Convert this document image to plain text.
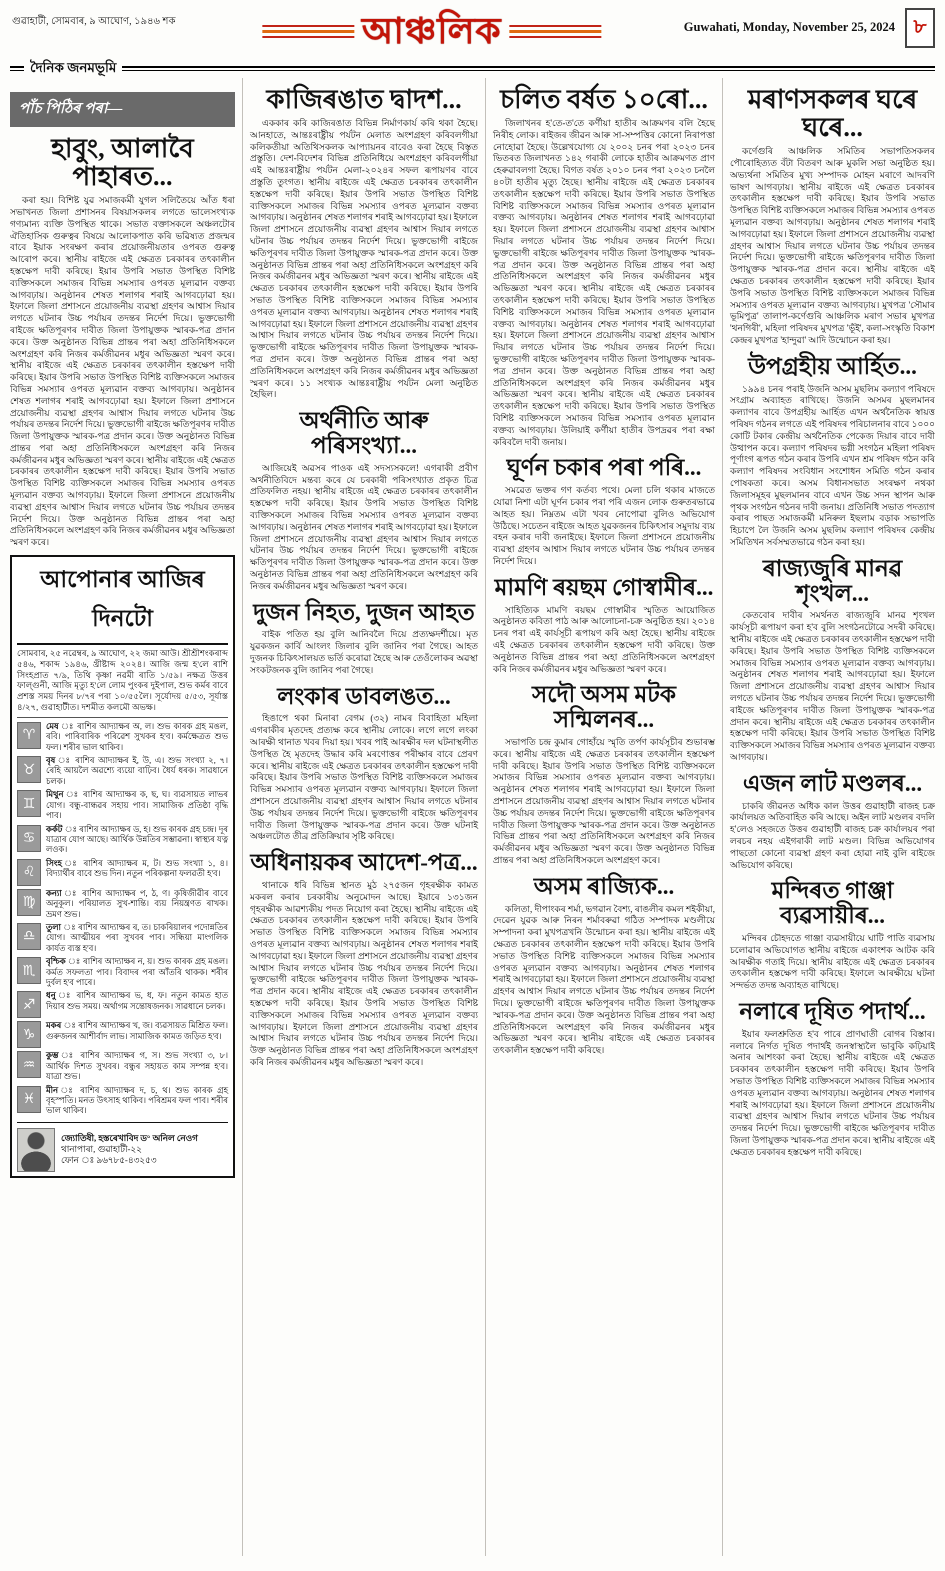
গুৱাহাটী, সোমবাৰ, ৯ আঘোণ, ১৯৪৬ শক	আঞ্চলিক	Guwahati, Monday, November 25, 2024 ৮
দৈনিক জনমভূমি
পাঁচ পিঠিৰ পৰা—
হাবুং, আলাবৈ পাহাৰত...

কৰা হয়। বিশিষ্ট যুৱ সমাজকৰ্মী যুগল সলিতৈয়ে আঁত ধৰা সভাখনত জিলা প্ৰশাসনৰ বিষয়াসকলৰ লগতে ভালেসংখ্যক গণ্যমান্য ব্যক্তি উপস্থিত থাকে। সভাত বক্তাসকলে অঞ্চলটোৰ ঐতিহাসিক গুৰুত্বৰ বিষয়ে আলোকপাত কৰি ভৱিষ্যত প্ৰজন্মৰ বাবে ইয়াক সংৰক্ষণ কৰাৰ প্ৰয়োজনীয়তাৰ ওপৰত গুৰুত্ব আৰোপ কৰে। স্থানীয় ৰাইজে এই ক্ষেত্ৰত চৰকাৰৰ তৎকালীন হস্তক্ষেপ দাবী কৰিছে। ইয়াৰ উপৰি সভাত উপস্থিত বিশিষ্ট ব্যক্তিসকলে সমাজৰ বিভিন্ন সমস্যাৰ ওপৰত মূল্যৱান বক্তব্য আগবঢ়ায়। অনুষ্ঠানৰ শেষত শলাগৰ শৰাই আগবঢ়োৱা হয়। ইফালে জিলা প্ৰশাসনে প্ৰয়োজনীয় ব্যৱস্থা গ্ৰহণৰ আশ্বাস দিয়াৰ লগতে ঘটনাৰ উচ্চ পৰ্যায়ৰ তদন্তৰ নিৰ্দেশ দিয়ে। ভুক্তভোগী ৰাইজে ক্ষতিপূৰণৰ দাবীত জিলা উপায়ুক্তক স্মাৰক-পত্ৰ প্ৰদান কৰে। উক্ত অনুষ্ঠানত বিভিন্ন প্ৰান্তৰ পৰা অহা প্ৰতিনিধিসকলে অংশগ্ৰহণ কৰি নিজৰ কৰ্মজীৱনৰ মধুৰ অভিজ্ঞতা স্মৰণ কৰে। স্থানীয় ৰাইজে এই ক্ষেত্ৰত চৰকাৰৰ তৎকালীন হস্তক্ষেপ দাবী কৰিছে। ইয়াৰ উপৰি সভাত উপস্থিত বিশিষ্ট ব্যক্তিসকলে সমাজৰ বিভিন্ন সমস্যাৰ ওপৰত মূল্যৱান বক্তব্য আগবঢ়ায়। অনুষ্ঠানৰ শেষত শলাগৰ শৰাই আগবঢ়োৱা হয়। ইফালে জিলা প্ৰশাসনে প্ৰয়োজনীয় ব্যৱস্থা গ্ৰহণৰ আশ্বাস দিয়াৰ লগতে ঘটনাৰ উচ্চ পৰ্যায়ৰ তদন্তৰ নিৰ্দেশ দিয়ে। ভুক্তভোগী ৰাইজে ক্ষতিপূৰণৰ দাবীত জিলা উপায়ুক্তক স্মাৰক-পত্ৰ প্ৰদান কৰে। উক্ত অনুষ্ঠানত বিভিন্ন প্ৰান্তৰ পৰা অহা প্ৰতিনিধিসকলে অংশগ্ৰহণ কৰি নিজৰ কৰ্মজীৱনৰ মধুৰ অভিজ্ঞতা স্মৰণ কৰে। স্থানীয় ৰাইজে এই ক্ষেত্ৰত চৰকাৰৰ তৎকালীন হস্তক্ষেপ দাবী কৰিছে। ইয়াৰ উপৰি সভাত উপস্থিত বিশিষ্ট ব্যক্তিসকলে সমাজৰ বিভিন্ন সমস্যাৰ ওপৰত মূল্যৱান বক্তব্য আগবঢ়ায়। ইফালে জিলা প্ৰশাসনে প্ৰয়োজনীয় ব্যৱস্থা গ্ৰহণৰ আশ্বাস দিয়াৰ লগতে ঘটনাৰ উচ্চ পৰ্যায়ৰ তদন্তৰ নিৰ্দেশ দিয়ে। উক্ত অনুষ্ঠানত বিভিন্ন প্ৰান্তৰ পৰা অহা প্ৰতিনিধিসকলে অংশগ্ৰহণ কৰি নিজৰ কৰ্মজীৱনৰ মধুৰ অভিজ্ঞতা স্মৰণ কৰে।

আপোনাৰ আজিৰ দিনটো

সোমবাৰ, ২৫ নৱেম্বৰ, ৯ আঘোণ, ২২ জমা আউ। শ্ৰীশ্ৰীশংকৰাব্দ ৫৪৬, শকাব্দ ১৯৪৬, খ্ৰীষ্টাব্দ ২০২৪। আজি জন্ম হ'লে ৰাশি সিংহপ্ৰাত ৭/৯, তিথি কৃষ্ণা নৱমী ৰাতি ১/৫৯। নক্ষত্ৰ উত্তৰ ফাল্গুনী, আজি মৃত্যু হ'লে লোম পুংকৰ দুইপাল, শুভ কৰ্মৰ বাবে প্ৰশস্ত সময় দিনৰ ৮/৭ৰ পৰা ১০/৫৫লৈ। সূৰ্যোদয় ৫/৫৩, সূৰ্যাস্ত ৪/২৭, গুৱাহাটীত। দশমীত কলমৌ অভক্ষ।

♈

মেষ ঃ ৰাশিৰ আদ্যাক্ষৰ অ, ল। শুভ কাৰক গ্ৰহ মঙল, ৰবি। পাৰিবাৰিক পৰিৱেশ সুখকৰ হ'ব। কৰ্মক্ষেত্ৰত শুভ ফল। শৰীৰ ভাল থাকিব।

♉

বৃষ ঃ ৰাশিৰ আদ্যাক্ষৰ ই, উ, এ। শুভ সংখ্যা ২, ৭। ৰেহি আয়লৈ অৱশ্যে ব্যয়ো বাঢ়িব। ধৈৰ্য ধৰক। সাৱধানে চলক।

♊

মিথুন ঃ ৰাশিৰ আদ্যাক্ষৰ ক, ছ, ঘ। ব্যৱসায়ত লাভৰ যোগ। বন্ধু-বান্ধৱৰ সহায় পাব। সামাজিক প্ৰতিষ্ঠা বৃদ্ধি পাব।

♋

কৰ্কট ঃ ৰাশিৰ আদ্যাক্ষৰ ড, হ। শুভ কাৰক গ্ৰহ চন্দ্ৰ। দূৰ যাত্ৰাৰ যোগ আছে। আৰ্থিক উন্নতিৰ সম্ভাৱনা। স্বাস্থ্যৰ যত্ন লওক।

♌

সিংহ ঃ ৰাশিৰ আদ্যাক্ষৰ ম, ট। শুভ সংখ্যা ১, ৪। বিদ্যাৰ্থীৰ বাবে শুভ দিন। নতুন পৰিকল্পনা ফলৱতী হ'ব।

♍

কন্যা ঃ ৰাশিৰ আদ্যাক্ষৰ প, ঠ, ণ। কৃষিজীৱীৰ বাবে অনুকূল। পৰিয়ালত সুখ-শান্তি। ব্যয় নিয়ন্ত্ৰণত ৰাখক। ভ্ৰমণ শুভ।

♎

তুলা ঃ ৰাশিৰ আদ্যাক্ষৰ ৰ, ত। চাকৰিয়ালৰ পদোন্নতিৰ যোগ। আত্মীয়ৰ পৰা সুখবৰ পাব। সন্ধিয়া মাংগলিক কাৰ্যত ব্যস্ত হ'ব।

♏

বৃশ্চিক ঃ ৰাশিৰ আদ্যাক্ষৰ ন, য়। শুভ কাৰক গ্ৰহ মঙল। কৰ্মত সফলতা পাব। বিবাদৰ পৰা আঁতৰি থাকক। শৰীৰ দুৰ্বল হ'ব পাৰে।

♐

ধনু ঃ ৰাশিৰ আদ্যাক্ষৰ ভ, ধ, ফ। নতুন কামত হাত দিয়াৰ শুভ সময়। অৰ্থাগম সন্তোষজনক। সাৱধানে চলক।

♑

মকৰ ঃ ৰাশিৰ আদ্যাক্ষৰ খ, জ। ব্যৱসায়ত মিশ্ৰিত ফল। গুৰুজনৰ আশীৰ্বাদ লাভ। সামাজিক কামত জড়িত হ'ব।

♒

কুম্ভ ঃ ৰাশিৰ আদ্যাক্ষৰ গ, স। শুভ সংখ্যা ৩, ৮। আৰ্থিক দিশত সুখবৰ। বন্ধুৰ সহায়ত কাম সম্পন্ন হ'ব। যাত্ৰা শুভ।

♓

মীন ঃ ৰাশিৰ আদ্যাক্ষৰ দ, চ, থ। শুভ কাৰক গ্ৰহ বৃহস্পতি। মনত উৎসাহ থাকিব। পৰিশ্ৰমৰ ফল পাব। শৰীৰ ভাল থাকিব।

জ্যোতিষী, হস্তৰেখাবিদ ড° অনিল নেওগ

থানাপাৰা, গুৱাহাটী-২২

ফোন ঃ ৯৬৭৮৫-৪৩২৫৩

কাজিৰঙাত দ্বাদশ...

এককাৰ কৰি কাজিৰঙাত বিভিন্ন নিৰ্মাণকাৰ্য কৰি থকা হৈছে। আনহাতে, আন্তঃৰাষ্ট্ৰীয় পৰ্যটন মেলাত অংশগ্ৰহণ কৰিবলগীয়া কলিকতীয়া অতিথিসকলক আপ্যায়নৰ বাবেও কৰা হৈছে বিস্তৃত প্ৰস্তুতি। দেশ-বিদেশৰ বিভিন্ন প্ৰতিনিধিয়ে অংশগ্ৰহণ কৰিবলগীয়া এই আন্তঃৰাষ্ট্ৰীয় পৰ্যটন মেলা-২০২৪ৰ সফল ৰূপায়ণৰ বাবে প্ৰস্তুতি তুংগত। স্থানীয় ৰাইজে এই ক্ষেত্ৰত চৰকাৰৰ তৎকালীন হস্তক্ষেপ দাবী কৰিছে। ইয়াৰ উপৰি সভাত উপস্থিত বিশিষ্ট ব্যক্তিসকলে সমাজৰ বিভিন্ন সমস্যাৰ ওপৰত মূল্যৱান বক্তব্য আগবঢ়ায়। অনুষ্ঠানৰ শেষত শলাগৰ শৰাই আগবঢ়োৱা হয়। ইফালে জিলা প্ৰশাসনে প্ৰয়োজনীয় ব্যৱস্থা গ্ৰহণৰ আশ্বাস দিয়াৰ লগতে ঘটনাৰ উচ্চ পৰ্যায়ৰ তদন্তৰ নিৰ্দেশ দিয়ে। ভুক্তভোগী ৰাইজে ক্ষতিপূৰণৰ দাবীত জিলা উপায়ুক্তক স্মাৰক-পত্ৰ প্ৰদান কৰে। উক্ত অনুষ্ঠানত বিভিন্ন প্ৰান্তৰ পৰা অহা প্ৰতিনিধিসকলে অংশগ্ৰহণ কৰি নিজৰ কৰ্মজীৱনৰ মধুৰ অভিজ্ঞতা স্মৰণ কৰে। স্থানীয় ৰাইজে এই ক্ষেত্ৰত চৰকাৰৰ তৎকালীন হস্তক্ষেপ দাবী কৰিছে। ইয়াৰ উপৰি সভাত উপস্থিত বিশিষ্ট ব্যক্তিসকলে সমাজৰ বিভিন্ন সমস্যাৰ ওপৰত মূল্যৱান বক্তব্য আগবঢ়ায়। অনুষ্ঠানৰ শেষত শলাগৰ শৰাই আগবঢ়োৱা হয়। ইফালে জিলা প্ৰশাসনে প্ৰয়োজনীয় ব্যৱস্থা গ্ৰহণৰ আশ্বাস দিয়াৰ লগতে ঘটনাৰ উচ্চ পৰ্যায়ৰ তদন্তৰ নিৰ্দেশ দিয়ে। ভুক্তভোগী ৰাইজে ক্ষতিপূৰণৰ দাবীত জিলা উপায়ুক্তক স্মাৰক-পত্ৰ প্ৰদান কৰে। উক্ত অনুষ্ঠানত বিভিন্ন প্ৰান্তৰ পৰা অহা প্ৰতিনিধিসকলে অংশগ্ৰহণ কৰি নিজৰ কৰ্মজীৱনৰ মধুৰ অভিজ্ঞতা স্মৰণ কৰে। ১১ সংখ্যক আন্তঃৰাষ্ট্ৰীয় পৰ্যটন মেলা অনুষ্ঠিত হৈছিল।

অৰ্থনীতি আৰু পৰিসংখ্যা...

আজিয়েই অৱসৰ পাওক এই সদস্যসকলে! এগৰাকী প্ৰবীণ অৰ্থনীতিবিদে মন্তব্য কৰে যে চৰকাৰী পৰিসংখ্যাত প্ৰকৃত চিত্ৰ প্ৰতিফলিত নহয়। স্থানীয় ৰাইজে এই ক্ষেত্ৰত চৰকাৰৰ তৎকালীন হস্তক্ষেপ দাবী কৰিছে। ইয়াৰ উপৰি সভাত উপস্থিত বিশিষ্ট ব্যক্তিসকলে সমাজৰ বিভিন্ন সমস্যাৰ ওপৰত মূল্যৱান বক্তব্য আগবঢ়ায়। অনুষ্ঠানৰ শেষত শলাগৰ শৰাই আগবঢ়োৱা হয়। ইফালে জিলা প্ৰশাসনে প্ৰয়োজনীয় ব্যৱস্থা গ্ৰহণৰ আশ্বাস দিয়াৰ লগতে ঘটনাৰ উচ্চ পৰ্যায়ৰ তদন্তৰ নিৰ্দেশ দিয়ে। ভুক্তভোগী ৰাইজে ক্ষতিপূৰণৰ দাবীত জিলা উপায়ুক্তক স্মাৰক-পত্ৰ প্ৰদান কৰে। উক্ত অনুষ্ঠানত বিভিন্ন প্ৰান্তৰ পৰা অহা প্ৰতিনিধিসকলে অংশগ্ৰহণ কৰি নিজৰ কৰ্মজীৱনৰ মধুৰ অভিজ্ঞতা স্মৰণ কৰে।

দুজন নিহত, দুজন আহত

বাইক পতিত হয় বুলি আনিবলৈ দিয়ে প্ৰত্যক্ষদৰ্শীয়ে। মৃত যুৱকজন কাৰ্বি আংলং জিলাৰ বুলি জানিব পৰা গৈছে। আহত দুজনক চিকিৎসালয়ত ভৰ্তি কৰোৱা হৈছে আৰু তেওঁলোকৰ অৱস্থা সংকটজনক বুলি জানিব পৰা গৈছে।

লংকাৰ ডাবলঙত...

হিঙাপে থকা মিনাৰা বেগম (৩২) নামৰ বিবাহিতা মহিলা এগৰাকীৰ মৃতদেহ প্ৰত্যক্ষ কৰে স্থানীয় লোকে। লগে লগে লংকা আৰক্ষী থানাত খবৰ দিয়া হয়। খবৰ পাই আৰক্ষীৰ দল ঘটনাস্থলীত উপস্থিত হৈ মৃতদেহ উদ্ধাৰ কৰি মৰণোত্তৰ পৰীক্ষাৰ বাবে প্ৰেৰণ কৰে। স্থানীয় ৰাইজে এই ক্ষেত্ৰত চৰকাৰৰ তৎকালীন হস্তক্ষেপ দাবী কৰিছে। ইয়াৰ উপৰি সভাত উপস্থিত বিশিষ্ট ব্যক্তিসকলে সমাজৰ বিভিন্ন সমস্যাৰ ওপৰত মূল্যৱান বক্তব্য আগবঢ়ায়। ইফালে জিলা প্ৰশাসনে প্ৰয়োজনীয় ব্যৱস্থা গ্ৰহণৰ আশ্বাস দিয়াৰ লগতে ঘটনাৰ উচ্চ পৰ্যায়ৰ তদন্তৰ নিৰ্দেশ দিয়ে। ভুক্তভোগী ৰাইজে ক্ষতিপূৰণৰ দাবীত জিলা উপায়ুক্তক স্মাৰক-পত্ৰ প্ৰদান কৰে। উক্ত ঘটনাই অঞ্চলটোত তীব্ৰ প্ৰতিক্ৰিয়াৰ সৃষ্টি কৰিছে।

অধিনায়কৰ আদেশ-পত্ৰ...

থানাকে ধৰি বিভিন্ন স্থানত মুঠ ২৭৫জন গৃহৰক্ষীক কামত মকৰল কৰাৰ চৰকাৰীয় অনুমোদন আছে। ইয়াৰে ১৩১জন গৃহৰক্ষীক আৱশ্যকীয় পদত নিয়োগ কৰা হৈছে। স্থানীয় ৰাইজে এই ক্ষেত্ৰত চৰকাৰৰ তৎকালীন হস্তক্ষেপ দাবী কৰিছে। ইয়াৰ উপৰি সভাত উপস্থিত বিশিষ্ট ব্যক্তিসকলে সমাজৰ বিভিন্ন সমস্যাৰ ওপৰত মূল্যৱান বক্তব্য আগবঢ়ায়। অনুষ্ঠানৰ শেষত শলাগৰ শৰাই আগবঢ়োৱা হয়। ইফালে জিলা প্ৰশাসনে প্ৰয়োজনীয় ব্যৱস্থা গ্ৰহণৰ আশ্বাস দিয়াৰ লগতে ঘটনাৰ উচ্চ পৰ্যায়ৰ তদন্তৰ নিৰ্দেশ দিয়ে। ভুক্তভোগী ৰাইজে ক্ষতিপূৰণৰ দাবীত জিলা উপায়ুক্তক স্মাৰক-পত্ৰ প্ৰদান কৰে। স্থানীয় ৰাইজে এই ক্ষেত্ৰত চৰকাৰৰ তৎকালীন হস্তক্ষেপ দাবী কৰিছে। ইয়াৰ উপৰি সভাত উপস্থিত বিশিষ্ট ব্যক্তিসকলে সমাজৰ বিভিন্ন সমস্যাৰ ওপৰত মূল্যৱান বক্তব্য আগবঢ়ায়। ইফালে জিলা প্ৰশাসনে প্ৰয়োজনীয় ব্যৱস্থা গ্ৰহণৰ আশ্বাস দিয়াৰ লগতে ঘটনাৰ উচ্চ পৰ্যায়ৰ তদন্তৰ নিৰ্দেশ দিয়ে। উক্ত অনুষ্ঠানত বিভিন্ন প্ৰান্তৰ পৰা অহা প্ৰতিনিধিসকলে অংশগ্ৰহণ কৰি নিজৰ কৰ্মজীৱনৰ মধুৰ অভিজ্ঞতা স্মৰণ কৰে।

চলিত বৰ্ষত ১০ৰো...

জিলাখনৰ হ'তে-ত'তে কৰ্ণীয়া হাতীৰ আক্ৰমণৰ বলি হৈছে নিৰীহ লোক। ৰাইজৰ জীৱন আৰু সা-সম্পত্তিৰ কোনো নিৰাপত্তা নোহোৱা হৈছে। উল্লেখযোগ্য যে ২০০২ চনৰ পৰা ২০২৩ চনৰ ভিতৰত জিলাখনত ১৪২ গৰাকী লোকে হাতীৰ আক্ৰমণত প্ৰাণ হেৰুৱাবলগা হৈছে। বিগত বৰ্ষত ২০১০ চনৰ পৰা ২০২৩ চনলৈ ৪০টা হাতীৰ মৃত্যু হৈছে। স্থানীয় ৰাইজে এই ক্ষেত্ৰত চৰকাৰৰ তৎকালীন হস্তক্ষেপ দাবী কৰিছে। ইয়াৰ উপৰি সভাত উপস্থিত বিশিষ্ট ব্যক্তিসকলে সমাজৰ বিভিন্ন সমস্যাৰ ওপৰত মূল্যৱান বক্তব্য আগবঢ়ায়। অনুষ্ঠানৰ শেষত শলাগৰ শৰাই আগবঢ়োৱা হয়। ইফালে জিলা প্ৰশাসনে প্ৰয়োজনীয় ব্যৱস্থা গ্ৰহণৰ আশ্বাস দিয়াৰ লগতে ঘটনাৰ উচ্চ পৰ্যায়ৰ তদন্তৰ নিৰ্দেশ দিয়ে। ভুক্তভোগী ৰাইজে ক্ষতিপূৰণৰ দাবীত জিলা উপায়ুক্তক স্মাৰক-পত্ৰ প্ৰদান কৰে। উক্ত অনুষ্ঠানত বিভিন্ন প্ৰান্তৰ পৰা অহা প্ৰতিনিধিসকলে অংশগ্ৰহণ কৰি নিজৰ কৰ্মজীৱনৰ মধুৰ অভিজ্ঞতা স্মৰণ কৰে। স্থানীয় ৰাইজে এই ক্ষেত্ৰত চৰকাৰৰ তৎকালীন হস্তক্ষেপ দাবী কৰিছে। ইয়াৰ উপৰি সভাত উপস্থিত বিশিষ্ট ব্যক্তিসকলে সমাজৰ বিভিন্ন সমস্যাৰ ওপৰত মূল্যৱান বক্তব্য আগবঢ়ায়। অনুষ্ঠানৰ শেষত শলাগৰ শৰাই আগবঢ়োৱা হয়। ইফালে জিলা প্ৰশাসনে প্ৰয়োজনীয় ব্যৱস্থা গ্ৰহণৰ আশ্বাস দিয়াৰ লগতে ঘটনাৰ উচ্চ পৰ্যায়ৰ তদন্তৰ নিৰ্দেশ দিয়ে। ভুক্তভোগী ৰাইজে ক্ষতিপূৰণৰ দাবীত জিলা উপায়ুক্তক স্মাৰক-পত্ৰ প্ৰদান কৰে। উক্ত অনুষ্ঠানত বিভিন্ন প্ৰান্তৰ পৰা অহা প্ৰতিনিধিসকলে অংশগ্ৰহণ কৰি নিজৰ কৰ্মজীৱনৰ মধুৰ অভিজ্ঞতা স্মৰণ কৰে। স্থানীয় ৰাইজে এই ক্ষেত্ৰত চৰকাৰৰ তৎকালীন হস্তক্ষেপ দাবী কৰিছে। ইয়াৰ উপৰি সভাত উপস্থিত বিশিষ্ট ব্যক্তিসকলে সমাজৰ বিভিন্ন সমস্যাৰ ওপৰত মূল্যৱান বক্তব্য আগবঢ়ায়। উলিয়াই কৰ্ণীয়া হাতীৰ উপদ্ৰৱৰ পৰা ৰক্ষা কৰিবলৈ দাবী জনায়।

ঘূৰ্ণন চকাৰ পৰা পৰি...

সমৱেত ভক্তৰ গণ কৰ্তব্য পথে। মেলা চলি থকাৰ মাজতে যোৱা নিশা এটা ঘূৰ্ণন চকাৰ পৰা পৰি এজন লোক গুৰুতৰভাৱে আহত হয়। নিম্নতম এটা খবৰ নোপোৱা বুলিও অভিযোগ উঠিছে। সচেতন ৰাইজে আহত যুৱকজনৰ চিকিৎসাৰ সমুদায় ব্যয় বহন কৰাৰ দাবী জনাইছে। ইফালে জিলা প্ৰশাসনে প্ৰয়োজনীয় ব্যৱস্থা গ্ৰহণৰ আশ্বাস দিয়াৰ লগতে ঘটনাৰ উচ্চ পৰ্যায়ৰ তদন্তৰ নিৰ্দেশ দিয়ে।

মামণি ৰয়ছম গোস্বামীৰ...

সাহিত্যিক মামণি ৰয়ছম গোস্বামীৰ স্মৃতিত আয়োজিত অনুষ্ঠানত কবিতা পাঠ আৰু আলোচনা-চক্ৰ অনুষ্ঠিত হয়। ২০১৪ চনৰ পৰা এই কাৰ্যসূচী ৰূপায়ণ কৰি অহা হৈছে। স্থানীয় ৰাইজে এই ক্ষেত্ৰত চৰকাৰৰ তৎকালীন হস্তক্ষেপ দাবী কৰিছে। উক্ত অনুষ্ঠানত বিভিন্ন প্ৰান্তৰ পৰা অহা প্ৰতিনিধিসকলে অংশগ্ৰহণ কৰি নিজৰ কৰ্মজীৱনৰ মধুৰ অভিজ্ঞতা স্মৰণ কৰে।

সদৌ অসম মটক সন্মিলনৰ...

সভাপতি চন্দ্ৰ কুমাৰ গোহাঁয়ে স্মৃতি তৰ্পণ কাৰ্যসূচীৰ শুভাৰম্ভ কৰে। স্থানীয় ৰাইজে এই ক্ষেত্ৰত চৰকাৰৰ তৎকালীন হস্তক্ষেপ দাবী কৰিছে। ইয়াৰ উপৰি সভাত উপস্থিত বিশিষ্ট ব্যক্তিসকলে সমাজৰ বিভিন্ন সমস্যাৰ ওপৰত মূল্যৱান বক্তব্য আগবঢ়ায়। অনুষ্ঠানৰ শেষত শলাগৰ শৰাই আগবঢ়োৱা হয়। ইফালে জিলা প্ৰশাসনে প্ৰয়োজনীয় ব্যৱস্থা গ্ৰহণৰ আশ্বাস দিয়াৰ লগতে ঘটনাৰ উচ্চ পৰ্যায়ৰ তদন্তৰ নিৰ্দেশ দিয়ে। ভুক্তভোগী ৰাইজে ক্ষতিপূৰণৰ দাবীত জিলা উপায়ুক্তক স্মাৰক-পত্ৰ প্ৰদান কৰে। উক্ত অনুষ্ঠানত বিভিন্ন প্ৰান্তৰ পৰা অহা প্ৰতিনিধিসকলে অংশগ্ৰহণ কৰি নিজৰ কৰ্মজীৱনৰ মধুৰ অভিজ্ঞতা স্মৰণ কৰে। উক্ত অনুষ্ঠানত বিভিন্ন প্ৰান্তৰ পৰা অহা প্ৰতিনিধিসকলে অংশগ্ৰহণ কৰে।

অসম ৰাজ্যিক...

কলিতা, দীপাংকৰ শৰ্মা, ভগৱান বৈশ্য, ৰাঙলীৰ কমল শইকীয়া, দেৱেন যুৱক আৰু নিৰন শৰ্মাবৰুৱা গঠিত সম্পাদক মণ্ডলীয়ে সম্পাদনা কৰা মুখপত্ৰখনি উন্মোচন কৰা হয়। স্থানীয় ৰাইজে এই ক্ষেত্ৰত চৰকাৰৰ তৎকালীন হস্তক্ষেপ দাবী কৰিছে। ইয়াৰ উপৰি সভাত উপস্থিত বিশিষ্ট ব্যক্তিসকলে সমাজৰ বিভিন্ন সমস্যাৰ ওপৰত মূল্যৱান বক্তব্য আগবঢ়ায়। অনুষ্ঠানৰ শেষত শলাগৰ শৰাই আগবঢ়োৱা হয়। ইফালে জিলা প্ৰশাসনে প্ৰয়োজনীয় ব্যৱস্থা গ্ৰহণৰ আশ্বাস দিয়াৰ লগতে ঘটনাৰ উচ্চ পৰ্যায়ৰ তদন্তৰ নিৰ্দেশ দিয়ে। ভুক্তভোগী ৰাইজে ক্ষতিপূৰণৰ দাবীত জিলা উপায়ুক্তক স্মাৰক-পত্ৰ প্ৰদান কৰে। উক্ত অনুষ্ঠানত বিভিন্ন প্ৰান্তৰ পৰা অহা প্ৰতিনিধিসকলে অংশগ্ৰহণ কৰি নিজৰ কৰ্মজীৱনৰ মধুৰ অভিজ্ঞতা স্মৰণ কৰে। স্থানীয় ৰাইজে এই ক্ষেত্ৰত চৰকাৰৰ তৎকালীন হস্তক্ষেপ দাবী কৰিছে।

মৰাণসকলৰ ঘৰে ঘৰে...

কৰ্ণেগুৰি আঞ্চলিক সমিতিৰ সভাপতিসকলৰ পৌৰোহিত্যত বঁটা বিতৰণ আৰু মুকলি সভা অনুষ্ঠিত হয়। অভ্যৰ্থনা সমিতিৰ মুখ্য সম্পাদক মোহন মৰাণে আদৰণি ভাষণ আগবঢ়ায়। স্থানীয় ৰাইজে এই ক্ষেত্ৰত চৰকাৰৰ তৎকালীন হস্তক্ষেপ দাবী কৰিছে। ইয়াৰ উপৰি সভাত উপস্থিত বিশিষ্ট ব্যক্তিসকলে সমাজৰ বিভিন্ন সমস্যাৰ ওপৰত মূল্যৱান বক্তব্য আগবঢ়ায়। অনুষ্ঠানৰ শেষত শলাগৰ শৰাই আগবঢ়োৱা হয়। ইফালে জিলা প্ৰশাসনে প্ৰয়োজনীয় ব্যৱস্থা গ্ৰহণৰ আশ্বাস দিয়াৰ লগতে ঘটনাৰ উচ্চ পৰ্যায়ৰ তদন্তৰ নিৰ্দেশ দিয়ে। ভুক্তভোগী ৰাইজে ক্ষতিপূৰণৰ দাবীত জিলা উপায়ুক্তক স্মাৰক-পত্ৰ প্ৰদান কৰে। স্থানীয় ৰাইজে এই ক্ষেত্ৰত চৰকাৰৰ তৎকালীন হস্তক্ষেপ দাবী কৰিছে। ইয়াৰ উপৰি সভাত উপস্থিত বিশিষ্ট ব্যক্তিসকলে সমাজৰ বিভিন্ন সমস্যাৰ ওপৰত মূল্যৱান বক্তব্য আগবঢ়ায়। মুখপত্ৰ 'সৌমাৰ ভূমিপুত্ৰ' তালাপ-কৰ্ণেগুৰি আঞ্চলিক মৰাণ সভাৰ মুখপত্ৰ 'থনগিৰী', মহিলা পৰিষদৰ মুখপত্ৰ 'ভূঁই', কলা-সংস্কৃতি বিকাশ কেন্দ্ৰৰ মুখপত্ৰ 'হান্দুৱা' আদি উন্মোচন কৰা হয়।

উপগ্ৰহীয় আৰ্হিত...

১৯৯৪ চনৰ পৰাই উজনি অসম মুছলিম কল্যাণ পৰিষদে সংগ্ৰাম অব্যাহত ৰাখিছে। উজনি অসমৰ মুছলমানৰ কল্যাণৰ বাবে উপগ্ৰহীয় আৰ্হিত এখন অৰ্থনৈতিক স্বায়ত্ত পৰিষদ গঠনৰ লগতে এই পৰিষদৰ পৰিচালনাৰ বাবে ১০০০ কোটি টকাৰ কেন্দ্ৰীয় অৰ্থনৈতিক পেকেজ দিয়াৰ বাবে দাবী উত্থাপন কৰে। কল্যাণ পৰিষদৰ ভগ্নী সংগঠন মহিলা পৰিষদ পূৰ্ণাংগ ৰূপত গঠন কৰাৰ উপৰি এখন শ্ৰম পৰিষদ গঠন কৰি কল্যাণ পৰিষদৰ সংবিধান সংশোধন সমিতি গঠন কৰাৰ পোষকতা কৰে। অসম বিধানসভাত সংৰক্ষণ নথকা জিলাসমূহৰ মুছলমানৰ বাবে এখন উচ্চ সদন স্থাপন আৰু পৃথক সংগঠন গঠনৰ দাবী জনায়। প্ৰতিনিধি সভাত পদত্যাগ কৰাৰ পাছত সমাজকৰ্মী মনিৰুল ইছলাম বড়াক সভাপতি হিচাপে লৈ উজনি অসম মুছলিম কল্যাণ পৰিষদৰ কেন্দ্ৰীয় সমিতিখন সৰ্বসম্মতভাৱে গঠন কৰা হয়।

ৰাজ্যজুৰি মানৱ শৃংখল...

কেতবোৰ দাবীৰ সমৰ্থনত ৰাজ্যজুৰি মানৱ শৃংখল কাৰ্যসূচী ৰূপায়ণ কৰা হ'ব বুলি সংগঠনটোৱে সদৰী কৰিছে। স্থানীয় ৰাইজে এই ক্ষেত্ৰত চৰকাৰৰ তৎকালীন হস্তক্ষেপ দাবী কৰিছে। ইয়াৰ উপৰি সভাত উপস্থিত বিশিষ্ট ব্যক্তিসকলে সমাজৰ বিভিন্ন সমস্যাৰ ওপৰত মূল্যৱান বক্তব্য আগবঢ়ায়। অনুষ্ঠানৰ শেষত শলাগৰ শৰাই আগবঢ়োৱা হয়। ইফালে জিলা প্ৰশাসনে প্ৰয়োজনীয় ব্যৱস্থা গ্ৰহণৰ আশ্বাস দিয়াৰ লগতে ঘটনাৰ উচ্চ পৰ্যায়ৰ তদন্তৰ নিৰ্দেশ দিয়ে। ভুক্তভোগী ৰাইজে ক্ষতিপূৰণৰ দাবীত জিলা উপায়ুক্তক স্মাৰক-পত্ৰ প্ৰদান কৰে। স্থানীয় ৰাইজে এই ক্ষেত্ৰত চৰকাৰৰ তৎকালীন হস্তক্ষেপ দাবী কৰিছে। ইয়াৰ উপৰি সভাত উপস্থিত বিশিষ্ট ব্যক্তিসকলে সমাজৰ বিভিন্ন সমস্যাৰ ওপৰত মূল্যৱান বক্তব্য আগবঢ়ায়।

এজন লাট মণ্ডলৰ...

চাকৰি জীৱনত অধিক কাল উত্তৰ গুৱাহাটী ৰাজহ চক্ৰ কাৰ্যালয়ত অতিবাহিত কৰি আছে। অইন লাট মণ্ডলৰ বদলি হ'লেও সহজতে উত্তৰ গুৱাহাটী ৰাজহ চক্ৰ কাৰ্যালয়ৰ পৰা লৰচৰ নহয় এইগৰাকী লাট মণ্ডল। বিভিন্ন অভিযোগৰ পাছতো কোনো ব্যৱস্থা গ্ৰহণ কৰা হোৱা নাই বুলি ৰাইজে অভিযোগ কৰিছে।

মন্দিৰত গাঞ্জা ব্যৱসায়ীৰ...

মন্দিৰৰ চৌহদতে গাঞ্জা ব্যৱসায়ীয়ে ঘাটি পাতি ব্যৱসায় চলোৱাৰ অভিযোগত স্থানীয় ৰাইজে একাংশক আটক কৰি আৰক্ষীক গতাই দিয়ে। স্থানীয় ৰাইজে এই ক্ষেত্ৰত চৰকাৰৰ তৎকালীন হস্তক্ষেপ দাবী কৰিছে। ইফালে আৰক্ষীয়ে ঘটনা সন্দৰ্ভত তদন্ত অব্যাহত ৰাখিছে।

নলাৰে দূষিত পদাৰ্থ...

ইয়াৰ ফলশ্ৰুতিত হ'ব পাৰে প্ৰাণঘাতী ৰোগৰ বিস্তাৰ। নলাৰে নিৰ্গত দূষিত পদাৰ্থই জনস্বাস্থ্যলৈ ভাবুকি কঢ়িয়াই অনাৰ আশংকা কৰা হৈছে। স্থানীয় ৰাইজে এই ক্ষেত্ৰত চৰকাৰৰ তৎকালীন হস্তক্ষেপ দাবী কৰিছে। ইয়াৰ উপৰি সভাত উপস্থিত বিশিষ্ট ব্যক্তিসকলে সমাজৰ বিভিন্ন সমস্যাৰ ওপৰত মূল্যৱান বক্তব্য আগবঢ়ায়। অনুষ্ঠানৰ শেষত শলাগৰ শৰাই আগবঢ়োৱা হয়। ইফালে জিলা প্ৰশাসনে প্ৰয়োজনীয় ব্যৱস্থা গ্ৰহণৰ আশ্বাস দিয়াৰ লগতে ঘটনাৰ উচ্চ পৰ্যায়ৰ তদন্তৰ নিৰ্দেশ দিয়ে। ভুক্তভোগী ৰাইজে ক্ষতিপূৰণৰ দাবীত জিলা উপায়ুক্তক স্মাৰক-পত্ৰ প্ৰদান কৰে। স্থানীয় ৰাইজে এই ক্ষেত্ৰত চৰকাৰৰ হস্তক্ষেপ দাবী কৰিছে।
